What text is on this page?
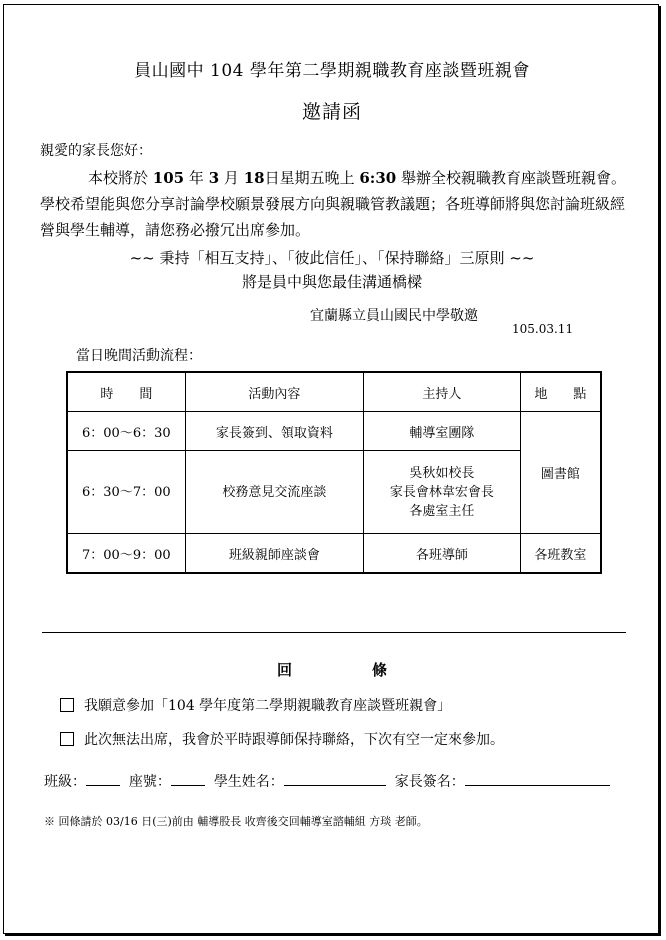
員山國中 104 學年第二學期親職教育座談暨班親會
邀請函
親愛的家長您好：
本校將於 105 年 3 月 18日星期五晚上 6:30 舉辦全校親職教育座談暨班親會。學校希望能與您分享討論學校願景發展方向與親職管教議題；各班導師將與您討論班級經營與學生輔導，請您務必撥冗出席參加。
~~ 秉持「相互支持」、「彼此信任」、「保持聯絡」三原則 ~~
將是員中與您最佳溝通橋樑
宜蘭縣立員山國民中學敬邀
105.03.11
當日晚間活動流程：
時　　間	活動內容	主持人	地　　點
6：00～6：30	家長簽到、領取資料	輔導室團隊	圖書館
6：30～7：00	校務意見交流座談	吳秋如校長
家長會林韋宏會長
各處室主任	

7：00～9：00	班級親師座談會	各班導師	各班教室
回條
我願意參加「104 學年度第二學期親職教育座談暨班親會」
此次無法出席，我會於平時跟導師保持聯絡，下次有空一定來參加。
班級：	座號：	學生姓名：	家長簽名：
※ 回條請於 03/16 日(三)前由 輔導股長 收齊後交回輔導室諮輔組 方琰 老師。
